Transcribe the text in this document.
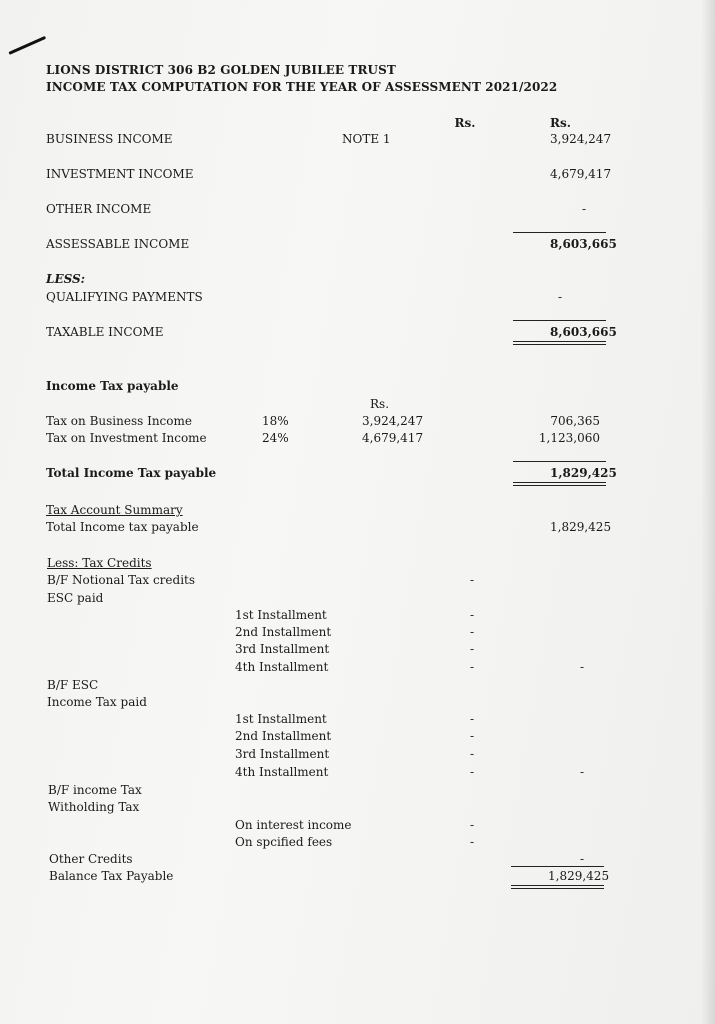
LIONS DISTRICT 306 B2 GOLDEN JUBILEE TRUST
INCOME TAX COMPUTATION FOR THE YEAR OF ASSESSMENT 2021/2022
Rs.	Rs.
BUSINESS INCOME	NOTE 1	3,924,247
INVESTMENT INCOME	4,679,417
OTHER INCOME	-
ASSESSABLE INCOME	8,603,665
LESS:
QUALIFYING PAYMENTS	-
TAXABLE INCOME	8,603,665
Income Tax payable
Rs.
Tax on Business Income	18%	3,924,247	706,365
Tax on Investment Income	24%	4,679,417	1,123,060
Total Income Tax payable	1,829,425
Tax Account Summary
Total Income tax payable	1,829,425
Less: Tax Credits
B/F Notional Tax credits	-
ESC paid
1st Installment	-
2nd Installment	-
3rd Installment	-
4th Installment	-	-
B/F ESC
Income Tax paid
1st Installment	-
2nd Installment	-
3rd Installment	-
4th Installment	-	-
B/F income Tax
Witholding Tax
On interest income	-
On spcified fees	-
Other Credits	-
Balance Tax Payable	1,829,425
